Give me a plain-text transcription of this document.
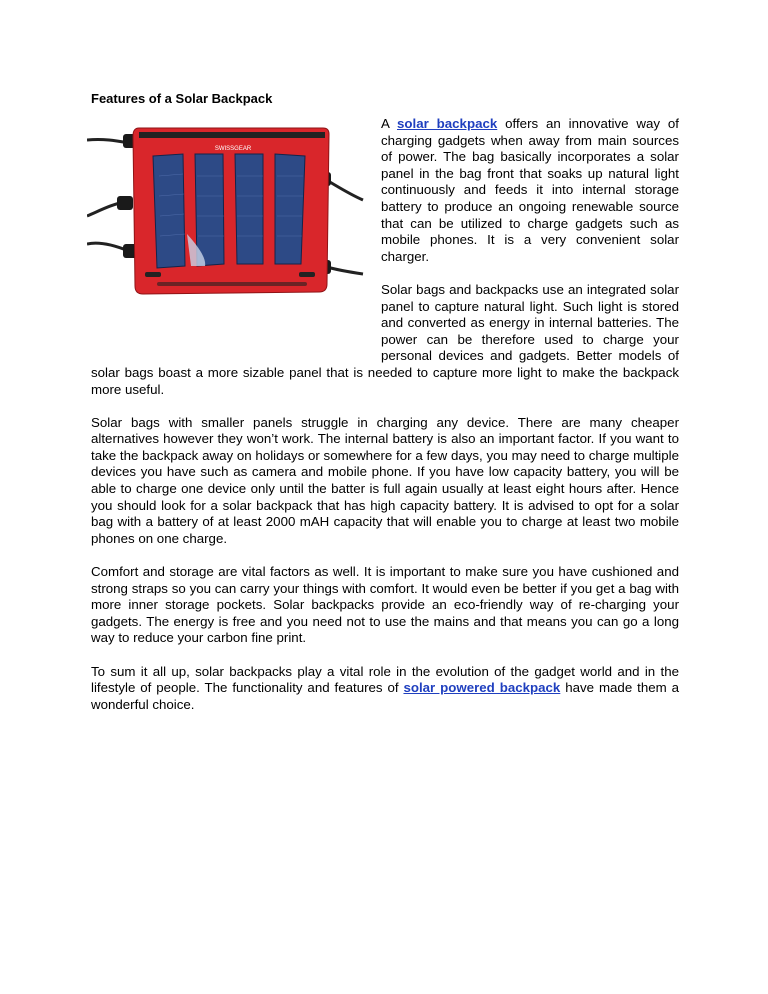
Features of a Solar Backpack
SWISSGEAR

A solar backpack offers an innovative way of charging gadgets when away from main sources of power. The bag basically incorporates a solar panel in the bag front that soaks up natural light continuously and feeds it into internal storage battery to produce an ongoing renewable source that can be utilized to charge gadgets such as mobile phones. It is a very convenient solar charger.

Solar bags and backpacks use an integrated solar panel to capture natural light. Such light is stored and converted as energy in internal batteries. The power can be therefore used to charge your personal devices and gadgets. Better models of solar bags boast a more sizable panel that is needed to capture more light to make the backpack more useful.

Solar bags with smaller panels struggle in charging any device. There are many cheaper alternatives however they won’t work. The internal battery is also an important factor. If you want to take the backpack away on holidays or somewhere for a few days, you may need to charge multiple devices you have such as camera and mobile phone. If you have low capacity battery, you will be able to charge one device only until the batter is full again usually at least eight hours after. Hence you should look for a solar backpack that has high capacity battery. It is advised to opt for a solar bag with a battery of at least 2000 mAH capacity that will enable you to charge at least two mobile phones on one charge.

Comfort and storage are vital factors as well. It is important to make sure you have cushioned and strong straps so you can carry your things with comfort. It would even be better if you get a bag with more inner storage pockets. Solar backpacks provide an eco-friendly way of re-charging your gadgets. The energy is free and you need not to use the mains and that means you can go a long way to reduce your carbon fine print.

To sum it all up, solar backpacks play a vital role in the evolution of the gadget world and in the lifestyle of people. The functionality and features of solar powered backpack have made them a wonderful choice.
